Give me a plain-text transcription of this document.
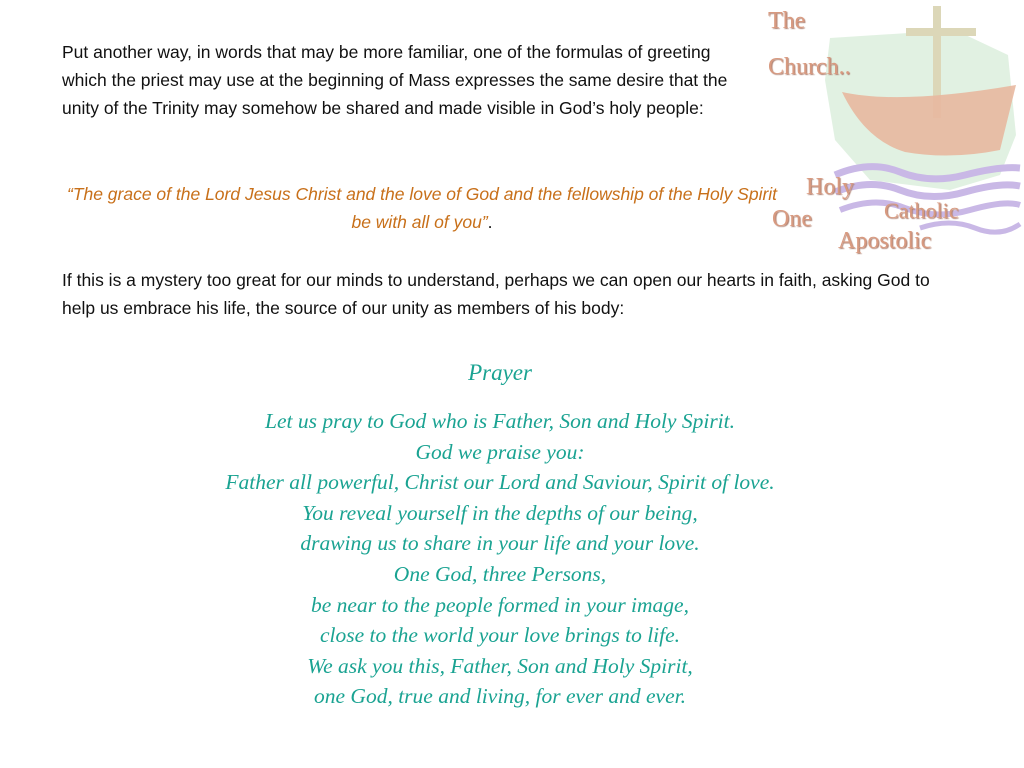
Put another way, in words that may be more familiar, one of the formulas of greeting which the priest may use at the beginning of Mass expresses the same desire that the unity of the Trinity may somehow be shared and made visible in God’s holy people:
“The grace of the Lord Jesus Christ and the love of God and the fellowship of the Holy Spirit be with all of you”.
If this is a mystery too great for our minds to understand, perhaps we can open our hearts in faith, asking God to help us embrace his life, the source of our unity as members of his body:
Prayer
Let us pray to God who is Father, Son and Holy Spirit.
God we praise you:
Father all powerful, Christ our Lord and Saviour, Spirit of love.
You reveal yourself in the depths of our being,
drawing us to share in your life and your love.
One God, three Persons,
be near to the people formed in your image,
close to the world your love brings to life.
We ask you this, Father, Son and Holy Spirit,
one God, true and living, for ever and ever.
The
Church..
Holy
One	Catholic
Apostolic
